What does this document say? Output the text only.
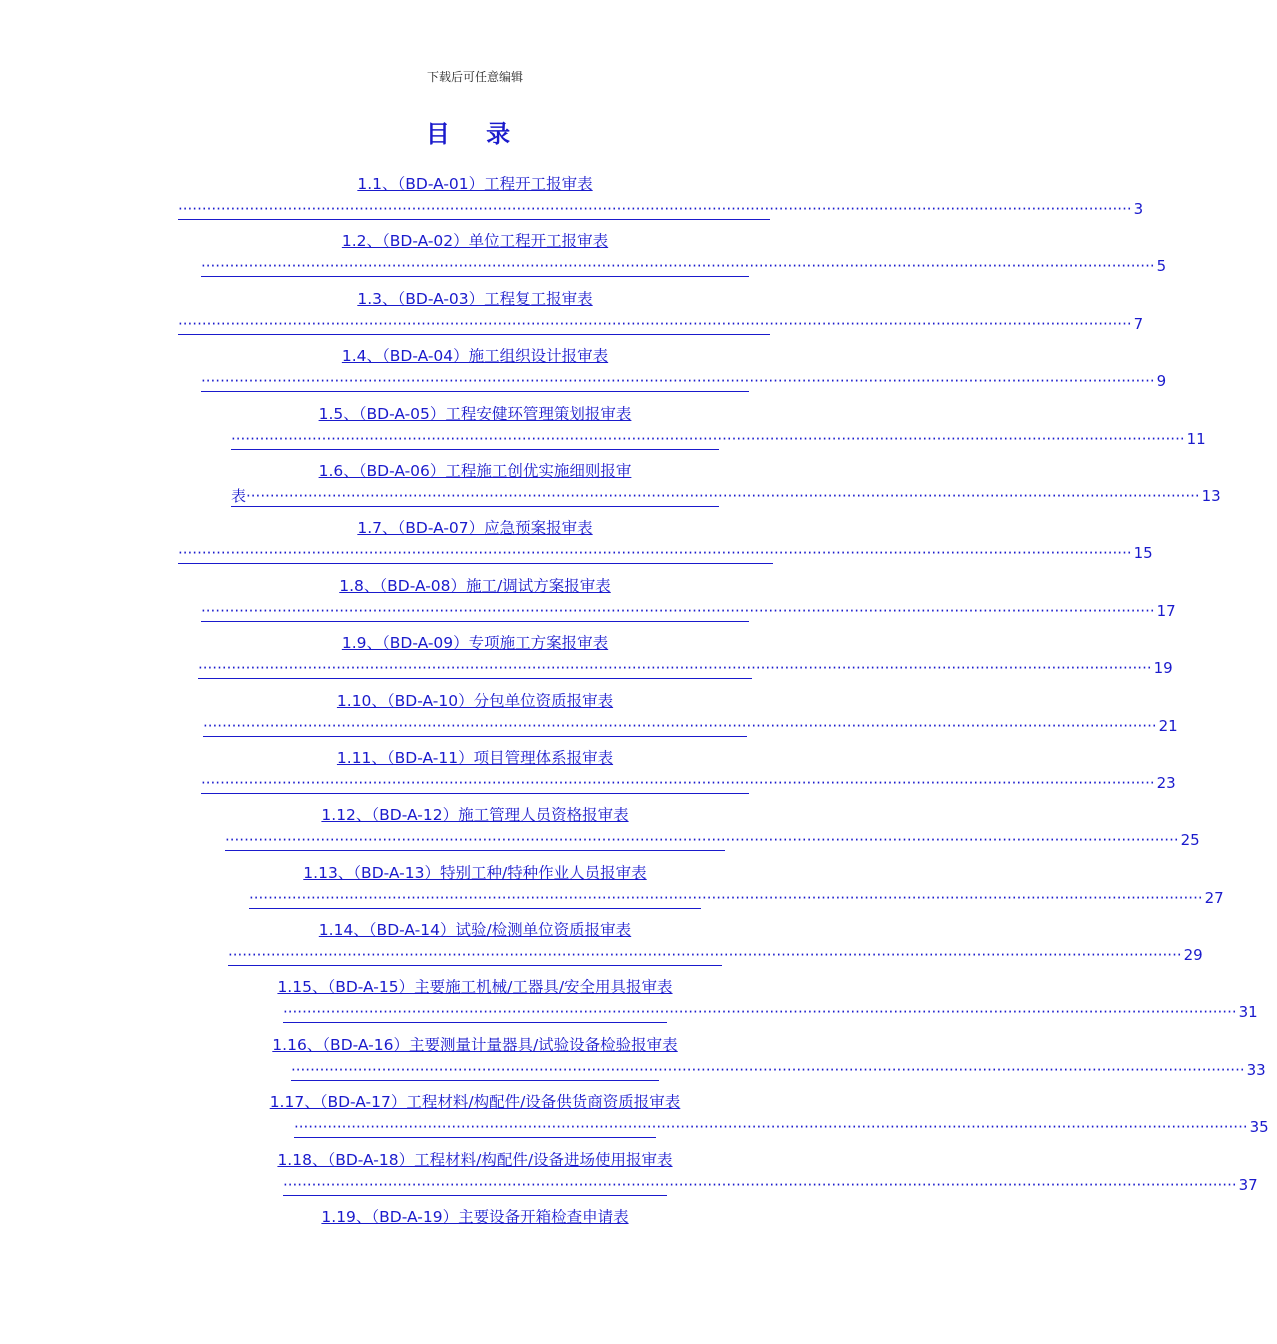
下载后可任意编辑
目 录
1.1、（BD-A-01）工程开工报审表
········································································································································································································ 3
1.2、（BD-A-02）单位工程开工报审表
········································································································································································································ 5
1.3、（BD-A-03）工程复工报审表
········································································································································································································ 7
1.4、（BD-A-04）施工组织设计报审表
········································································································································································································ 9
1.5、（BD-A-05）工程安健环管理策划报审表
········································································································································································································ 11
1.6、（BD-A-06）工程施工创优实施细则报审
表 ········································································································································································································ 13
1.7、（BD-A-07）应急预案报审表
········································································································································································································ 15
1.8、（BD-A-08）施工/调试方案报审表
········································································································································································································ 17
1.9、（BD-A-09）专项施工方案报审表
········································································································································································································ 19
1.10、（BD-A-10）分包单位资质报审表
········································································································································································································ 21
1.11、（BD-A-11）项目管理体系报审表
········································································································································································································ 23
1.12、（BD-A-12）施工管理人员资格报审表
········································································································································································································ 25
1.13、（BD-A-13）特别工种/特种作业人员报审表
········································································································································································································ 27
1.14、（BD-A-14）试验/检测单位资质报审表
········································································································································································································ 29
1.15、（BD-A-15）主要施工机械/工器具/安全用具报审表
········································································································································································································ 31
1.16、（BD-A-16）主要测量计量器具/试验设备检验报审表
········································································································································································································ 33
1.17、（BD-A-17）工程材料/构配件/设备供货商资质报审表
········································································································································································································ 35
1.18、（BD-A-18）工程材料/构配件/设备进场使用报审表
········································································································································································································ 37
1.19、（BD-A-19）主要设备开箱检查申请表
